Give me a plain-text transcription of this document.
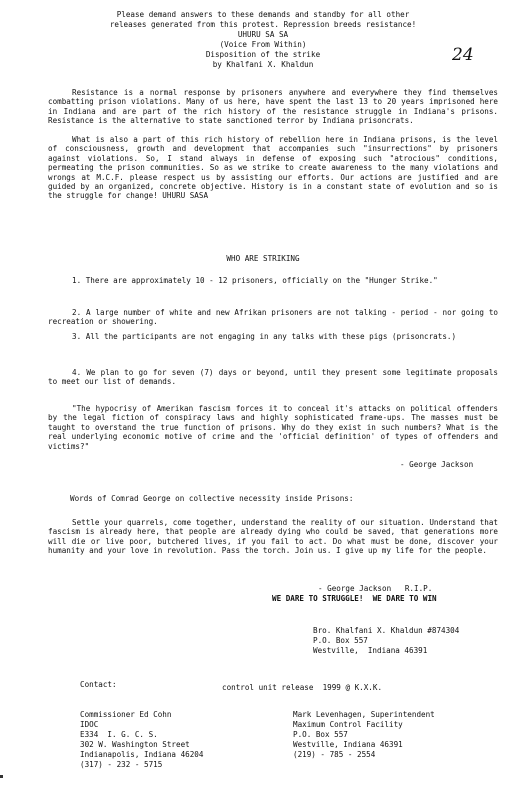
Please demand answers to these demands and standby for all other
releases generated from this protest. Repression breeds resistance!
UHURU SA SA
(Voice From Within)
Disposition of the strike
by Khalfani X. Khaldun	24

Resistance is a normal response by prisoners anywhere and everywhere they find themselves combatting prison violations. Many of us here, have spent the last 13 to 20 years imprisoned here in Indiana and are part of the rich history of the resistance struggle in Indiana's prisons. Resistance is the alternative to state sanctioned terror by Indiana prisoncrats.

What is also a part of this rich history of rebellion here in Indiana prisons, is the level of consciousness, growth and development that accompanies such "insurrections" by prisoners against violations. So, I stand always in defense of exposing such "atrocious" conditions, permeating the prison communities. So as we strike to create awareness to the many violations and wrongs at M.C.F. please respect us by assisting our efforts. Our actions are justified and are guided by an organized, concrete objective. History is in a constant state of evolution and so is the struggle for change! UHURU SASA

WHO ARE STRIKING

1. There are approximately 10 - 12 prisoners, officially on the "Hunger Strike."

2. A large number of white and new Afrikan prisoners are not talking - period - nor going to recreation or showering.

3. All the participants are not engaging in any talks with these pigs (prisoncrats.)

4. We plan to go for seven (7) days or beyond, until they present some legitimate proposals to meet our list of demands.

"The hypocrisy of Amerikan fascism forces it to conceal it's attacks on political offenders by the legal fiction of conspiracy laws and highly sophisticated frame-ups. The masses must be taught to overstand the true function of prisons. Why do they exist in such numbers? What is the real underlying economic motive of crime and the 'official definition' of types of offenders and victims?"

- George Jackson
Words of Comrad George on collective necessity inside Prisons:

Settle your quarrels, come together, understand the reality of our situation. Understand that fascism is already here, that people are already dying who could be saved, that generations more will die or live poor, butchered lives, if you fail to act. Do what must be done, discover your humanity and your love in revolution. Pass the torch. Join us. I give up my life for the people.

- George Jackson   R.I.P.
WE DARE TO STRUGGLE!  WE DARE TO WIN
Bro. Khalfani X. Khaldun #874304
P.O. Box 557
Westville,  Indiana 46391
Contact:	control unit release  1999 @ K.X.K.
Commissioner Ed Cohn
IDOC
E334  I. G. C. S.
302 W. Washington Street
Indianapolis, Indiana 46204
(317) - 232 - 5715
Mark Levenhagen, Superintendent
Maximum Control Facility
P.O. Box 557
Westville, Indiana 46391
(219) - 785 - 2554
